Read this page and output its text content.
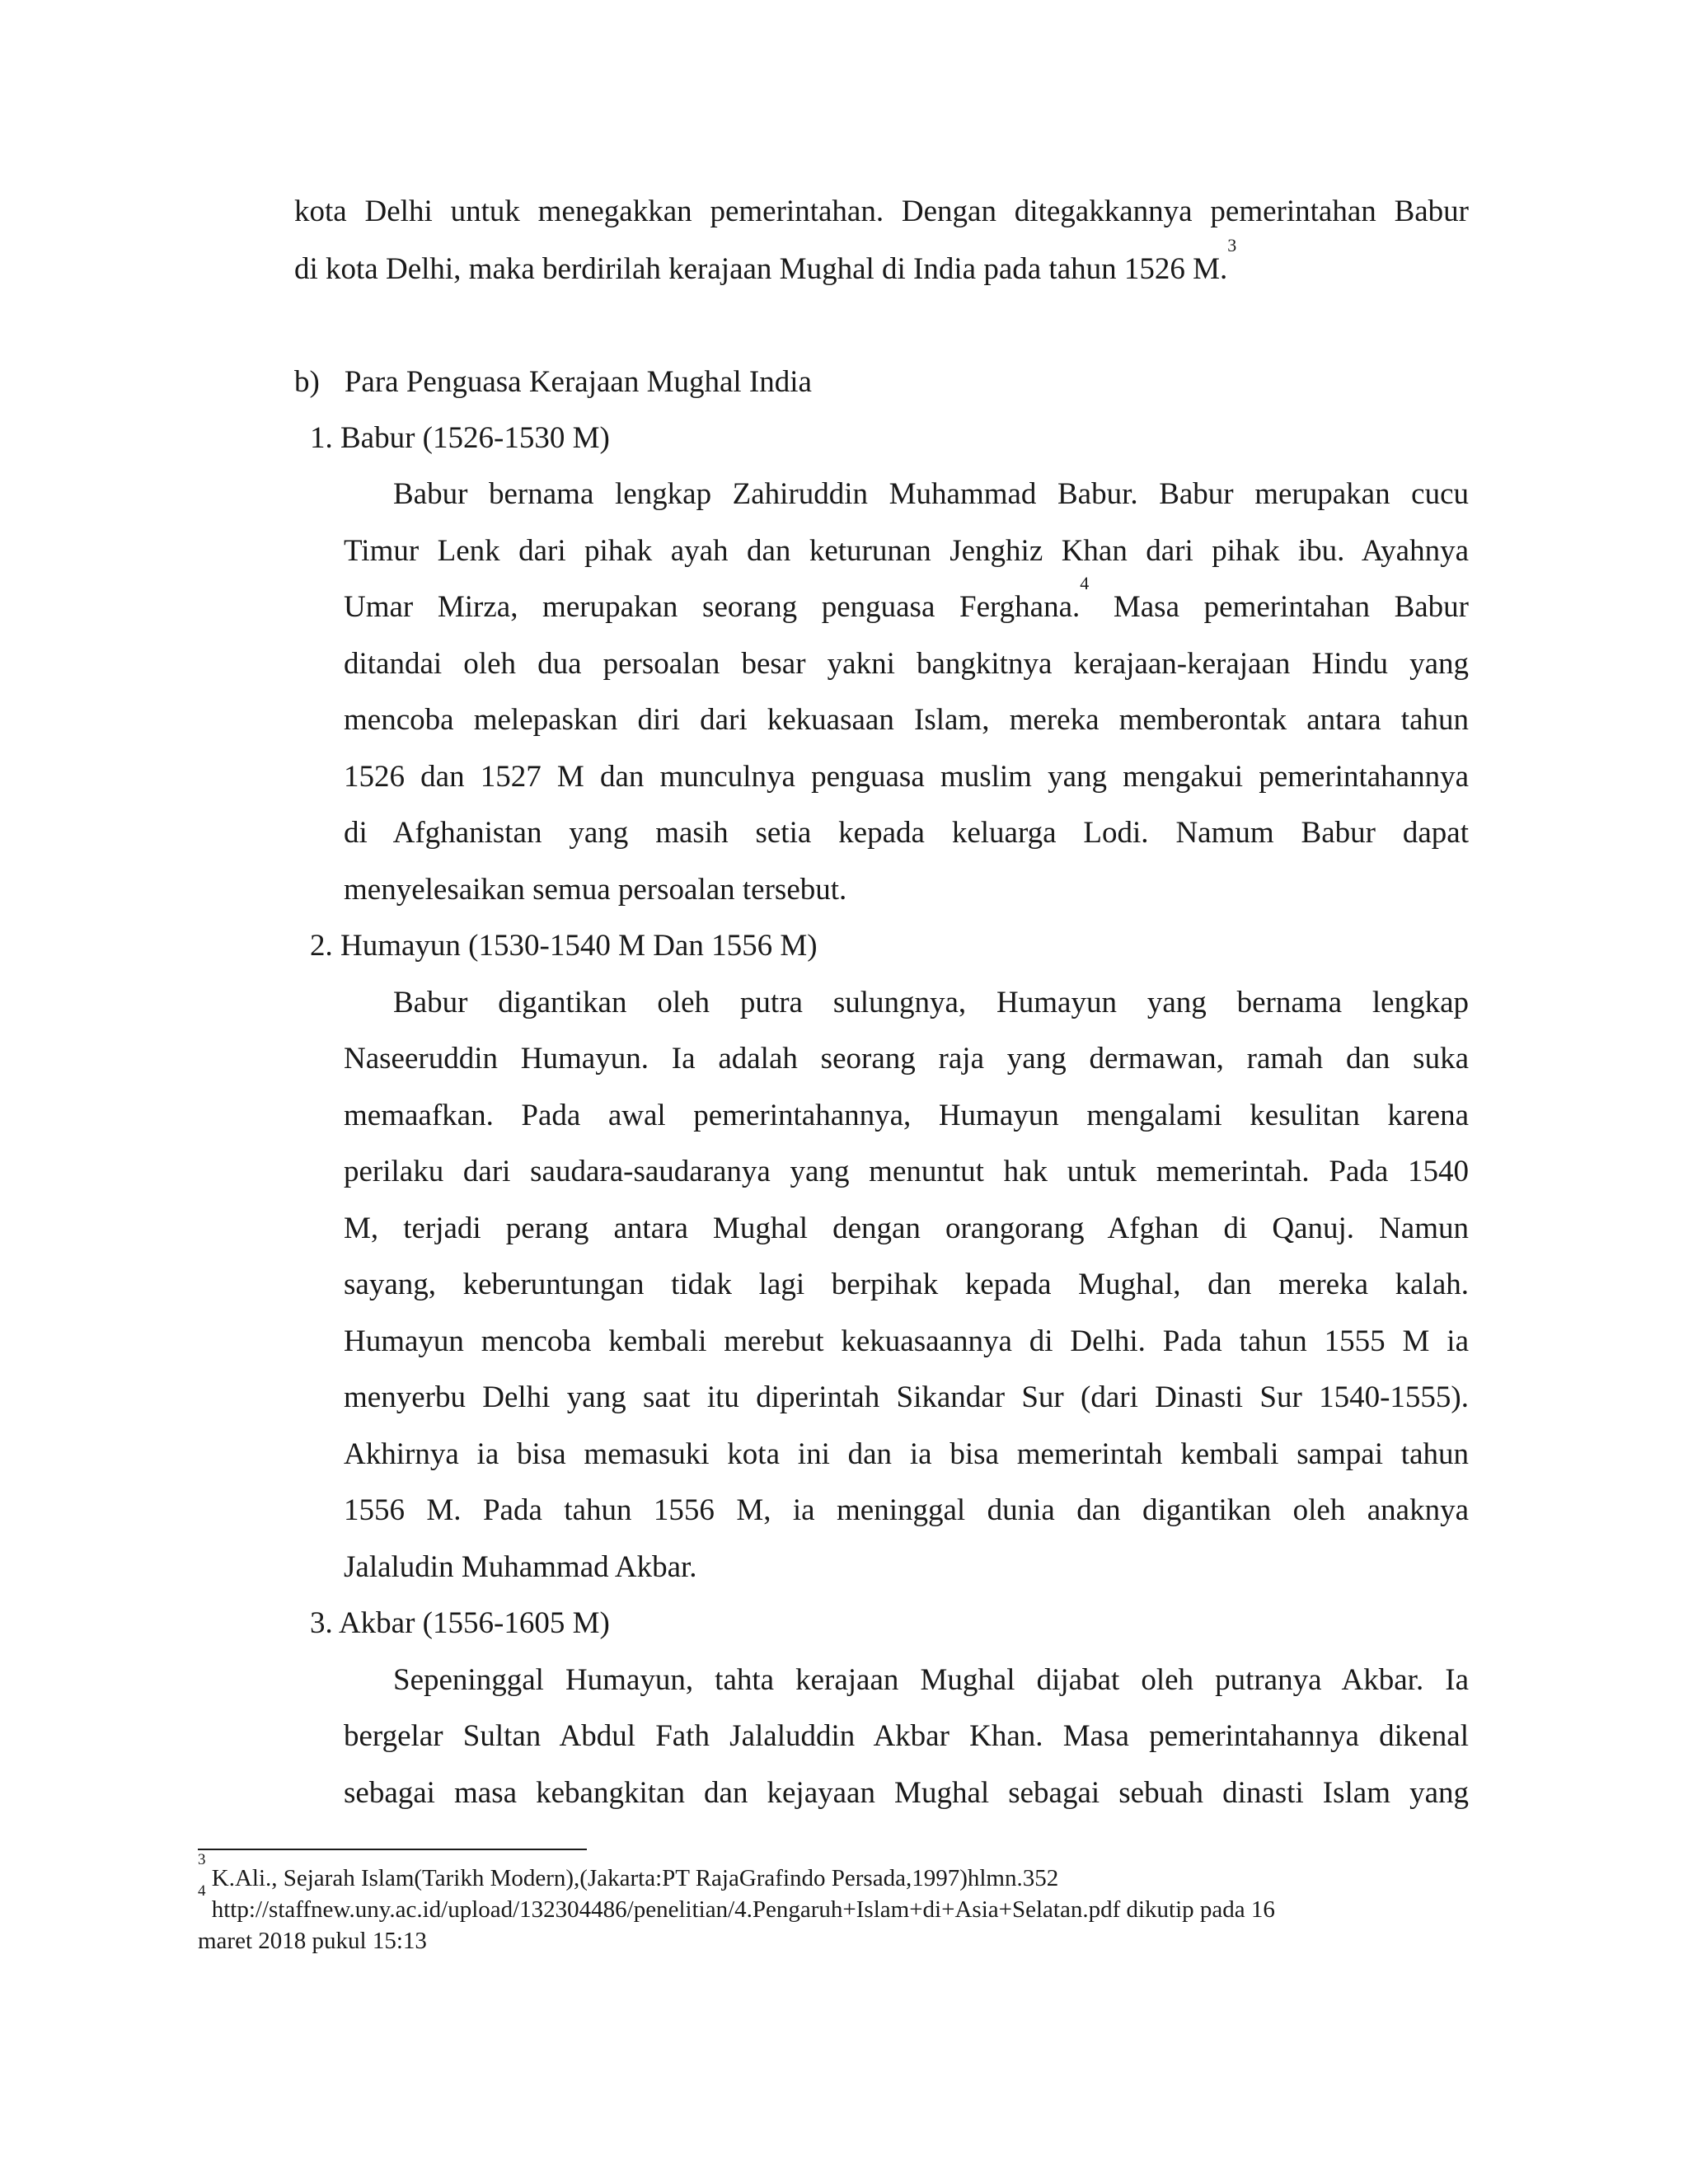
kota Delhi untuk menegakkan pemerintahan. Dengan ditegakkannya pemerintahan Babur
di kota Delhi, maka berdirilah kerajaan Mughal di India pada tahun 1526 M.$^3$
b) Para Penguasa Kerajaan Mughal India
1. Babur (1526-1530 M)
Babur bernama lengkap Zahiruddin Muhammad Babur. Babur merupakan cucu
Timur Lenk dari pihak ayah dan keturunan Jenghiz Khan dari pihak ibu. Ayahnya
Umar Mirza, merupakan seorang penguasa Ferghana.$^4$ Masa pemerintahan Babur
ditandai oleh dua persoalan besar yakni bangkitnya kerajaan-kerajaan Hindu yang
mencoba melepaskan diri dari kekuasaan Islam, mereka memberontak antara tahun
1526 dan 1527 M dan munculnya penguasa muslim yang mengakui pemerintahannya
di Afghanistan yang masih setia kepada keluarga Lodi. Namum Babur dapat
menyelesaikan semua persoalan tersebut.
2. Humayun (1530-1540 M Dan 1556 M)
Babur digantikan oleh putra sulungnya, Humayun yang bernama lengkap
Naseeruddin Humayun. Ia adalah seorang raja yang dermawan, ramah dan suka
memaafkan. Pada awal pemerintahannya, Humayun mengalami kesulitan karena
perilaku dari saudara-saudaranya yang menuntut hak untuk memerintah. Pada 1540
M, terjadi perang antara Mughal dengan orangorang Afghan di Qanuj. Namun
sayang, keberuntungan tidak lagi berpihak kepada Mughal, dan mereka kalah.
Humayun mencoba kembali merebut kekuasaannya di Delhi. Pada tahun 1555 M ia
menyerbu Delhi yang saat itu diperintah Sikandar Sur (dari Dinasti Sur 1540-1555).
Akhirnya ia bisa memasuki kota ini dan ia bisa memerintah kembali sampai tahun
1556 M. Pada tahun 1556 M, ia meninggal dunia dan digantikan oleh anaknya
Jalaludin Muhammad Akbar.
3. Akbar (1556-1605 M)
Sepeninggal Humayun, tahta kerajaan Mughal dijabat oleh putranya Akbar. Ia
bergelar Sultan Abdul Fath Jalaluddin Akbar Khan. Masa pemerintahannya dikenal
sebagai masa kebangkitan dan kejayaan Mughal sebagai sebuah dinasti Islam yang
$^3$ K.Ali., Sejarah Islam(Tarikh Modern),(Jakarta:PT RajaGrafindo Persada,1997)hlmn.352
$^4$ http://staffnew.uny.ac.id/upload/132304486/penelitian/4.Pengaruh+Islam+di+Asia+Selatan.pdf dikutip pada 16
maret 2018 pukul 15:13
